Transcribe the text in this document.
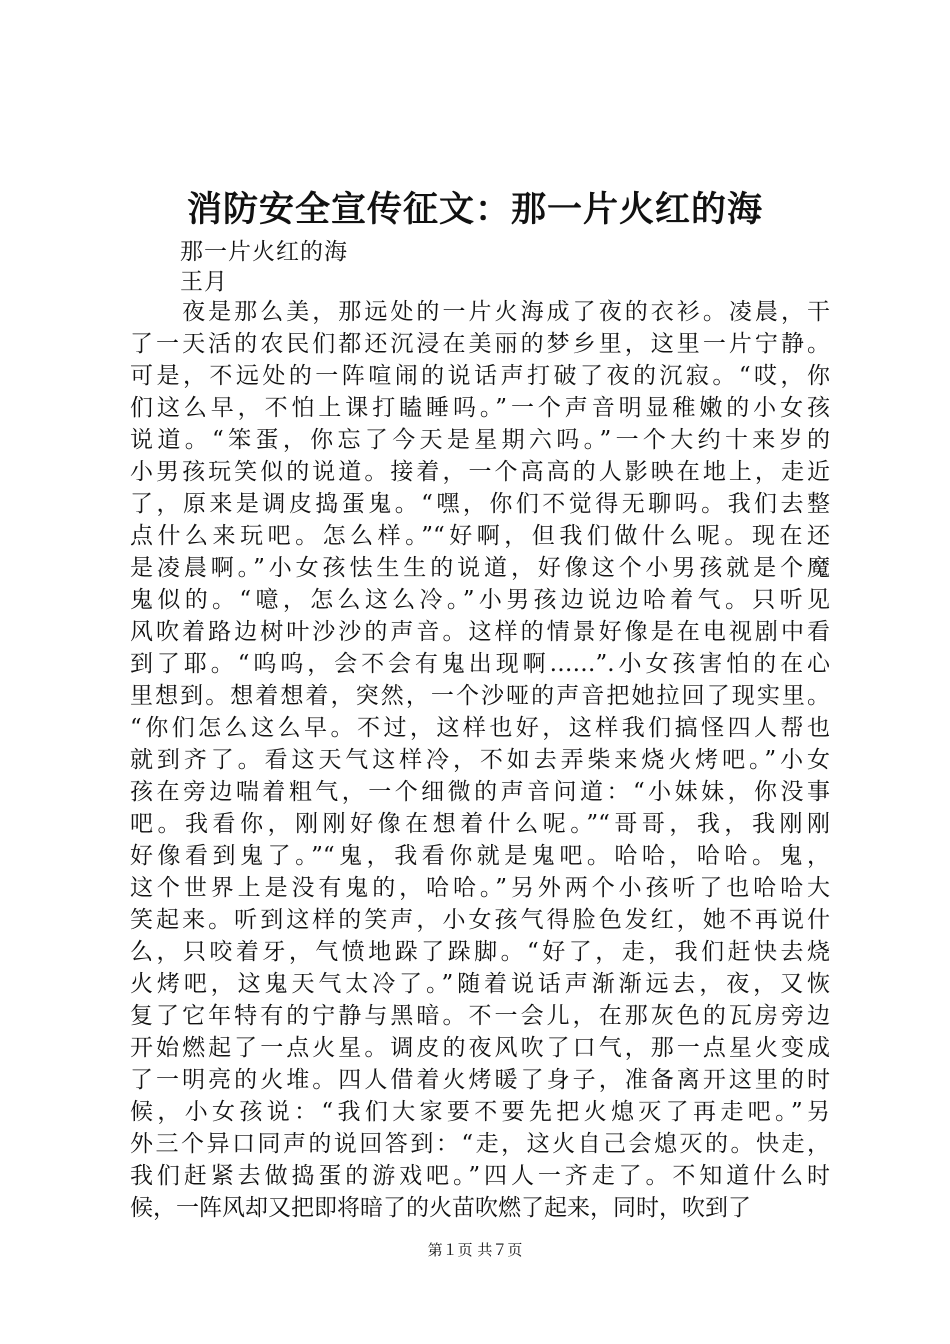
消防安全宣传征文：那一片火红的海
那一片火红的海
王月
　　夜是那么美，那远处的一片火海成了夜的衣衫。凌晨，干
了一天活的农民们都还沉浸在美丽的梦乡里，这里一片宁静。
可是，不远处的一阵喧闹的说话声打破了夜的沉寂。“哎，你
们这么早，不怕上课打瞌睡吗。”一个声音明显稚嫩的小女孩
说道。“笨蛋，你忘了今天是星期六吗。”一个大约十来岁的
小男孩玩笑似的说道。接着，一个高高的人影映在地上，走近
了，原来是调皮捣蛋鬼。“嘿，你们不觉得无聊吗。我们去整
点什么来玩吧。怎么样。”“好啊，但我们做什么呢。现在还
是凌晨啊。”小女孩怯生生的说道，好像这个小男孩就是个魔
鬼似的。“噫，怎么这么冷。”小男孩边说边哈着气。只听见
风吹着路边树叶沙沙的声音。这样的情景好像是在电视剧中看
到了耶。“呜呜，会不会有鬼出现啊……”.小女孩害怕的在心
里想到。想着想着，突然，一个沙哑的声音把她拉回了现实里。
“你们怎么这么早。不过，这样也好，这样我们搞怪四人帮也
就到齐了。看这天气这样冷，不如去弄柴来烧火烤吧。”小女
孩在旁边喘着粗气，一个细微的声音问道：“小妹妹，你没事
吧。我看你，刚刚好像在想着什么呢。”“哥哥，我，我刚刚
好像看到鬼了。”“鬼，我看你就是鬼吧。哈哈，哈哈。鬼，
这个世界上是没有鬼的，哈哈。”另外两个小孩听了也哈哈大
笑起来。听到这样的笑声，小女孩气得脸色发红，她不再说什
么，只咬着牙，气愤地跺了跺脚。“好了，走，我们赶快去烧
火烤吧，这鬼天气太冷了。”随着说话声渐渐远去，夜，又恢
复了它年特有的宁静与黑暗。不一会儿，在那灰色的瓦房旁边
开始燃起了一点火星。调皮的夜风吹了口气，那一点星火变成
了一明亮的火堆。四人借着火烤暖了身子，准备离开这里的时
候，小女孩说：“我们大家要不要先把火熄灭了再走吧。”另
外三个异口同声的说回答到：“走，这火自己会熄灭的。快走，
我们赶紧去做捣蛋的游戏吧。”四人一齐走了。不知道什么时
候，一阵风却又把即将暗了的火苗吹燃了起来，同时，吹到了
第１页 共７页
